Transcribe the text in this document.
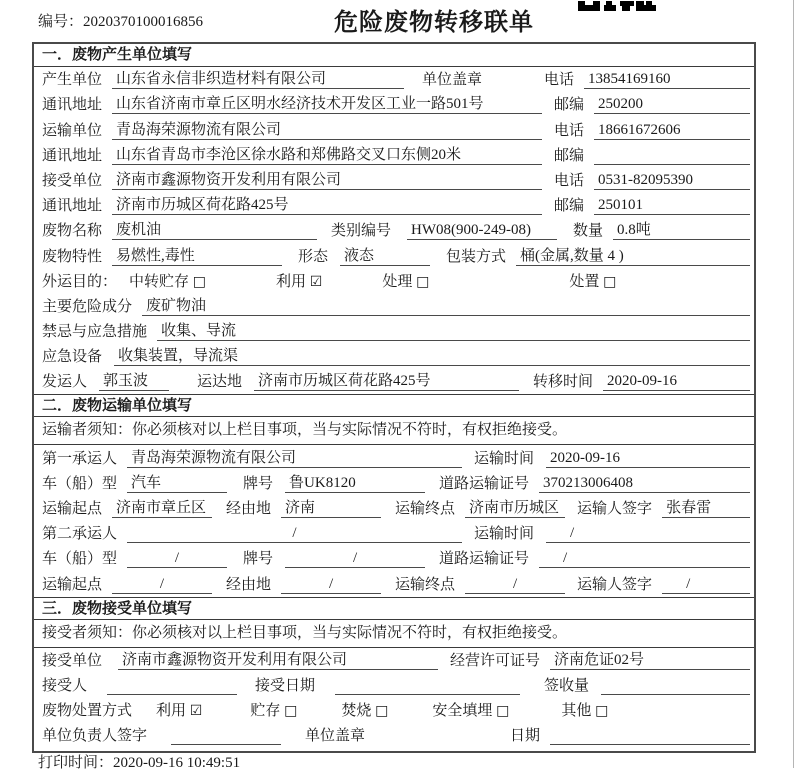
编号：2020370100016856	危险废物转移联单
一．废物产生单位填写
产生单位 山东省永信非织造材料有限公司	单位盖章	电话 13854169160
通讯地址 山东省济南市章丘区明水经济技术开发区工业一路501号	邮编 250200
运输单位 青岛海荣源物流有限公司	电话 18661672606
通讯地址 山东省青岛市李沧区徐水路和郑佛路交叉口东侧20米	邮编
接受单位 济南市鑫源物资开发利用有限公司	电话 0531-82095390
通讯地址 济南市历城区荷花路425号	邮编 250101
废物名称 废机油	类别编号 HW08(900-249-08)	数量 0.8吨
废物特性 易燃性,毒性	形态 液态	包装方式 桶(金属,数量 4 )
外运目的： 中转贮存 □	利用 ☑	处理 □	处置 □
主要危险成分 废矿物油
禁忌与应急措施 收集、导流
应急设备 收集装置，导流渠
发运人 郭玉波	运达地 济南市历城区荷花路425号	转移时间 2020-09-16
二．废物运输单位填写
运输者须知：你必须核对以上栏目事项，当与实际情况不符时，有权拒绝接受。
第一承运人 青岛海荣源物流有限公司	运输时间 2020-09-16
车（船）型 汽车	牌号 鲁UK8120	道路运输证号 370213006408
运输起点 济南市章丘区	经由地 济南	运输终点 济南市历城区	运输人签字 张春雷
第二承运人	/	运输时间	/
车（船）型	/	牌号	/	道路运输证号	/
运输起点	/	经由地	/	运输终点	/	运输人签字	/
三．废物接受单位填写
接受者须知：你必须核对以上栏目事项，当与实际情况不符时，有权拒绝接受。
接受单位 济南市鑫源物资开发利用有限公司	经营许可证号 济南危证02号
接受人	接受日期	签收量
废物处置方式 利用 ☑	贮存 □	焚烧 □	安全填埋 □	其他 □
单位负责人签字	单位盖章	日期
打印时间：2020-09-16 10:49:51
